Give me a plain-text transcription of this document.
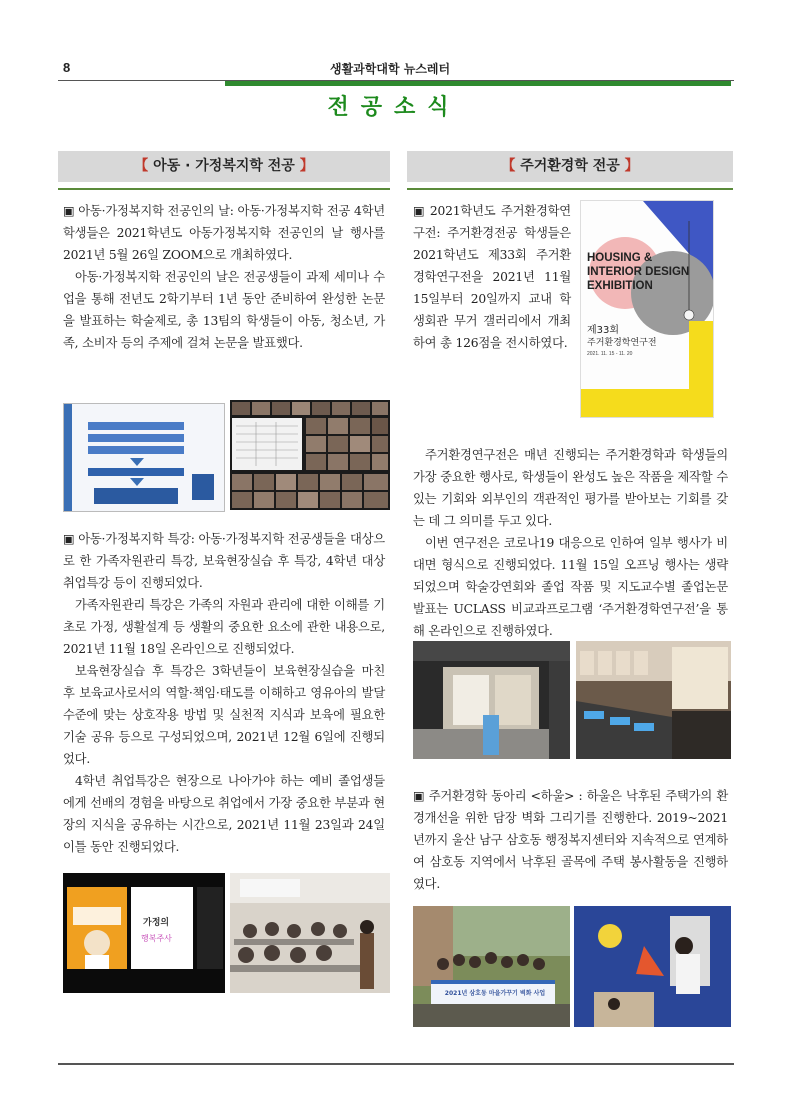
8	생활과학대학 뉴스레터
전공소식
【 아동 · 가정복지학 전공 】

▣ 아동·가정복지학 전공인의 날: 아동·가정복지학 전공 4학년 학생들은 2021학년도 아동가정복지학 전공인의 날 행사를 2021년 5월 26일 ZOOM으로 개최하였다.

아동·가정복지학 전공인의 날은 전공생들이 과제 세미나 수업을 통해 전년도 2학기부터 1년 동안 준비하여 완성한 논문을 발표하는 학술제로, 총 13팀의 학생들이 아동, 청소년, 가족, 소비자 등의 주제에 걸쳐 논문을 발표했다.

▣ 아동·가정복지학 특강: 아동·가정복지학 전공생들을 대상으로 한 가족자원관리 특강, 보육현장실습 후 특강, 4학년 대상 취업특강 등이 진행되었다.

가족자원관리 특강은 가족의 자원과 관리에 대한 이해를 기초로 가정, 생활설계 등 생활의 중요한 요소에 관한 내용으로, 2021년 11월 18일 온라인으로 진행되었다.

보육현장실습 후 특강은 3학년들이 보육현장실습을 마친 후 보육교사로서의 역할·책임·태도를 이해하고 영유아의 발달수준에 맞는 상호작용 방법 및 실천적 지식과 보육에 필요한 기술 공유 등으로 구성되었으며, 2021년 12월 6일에 진행되었다.

4학년 취업특강은 현장으로 나아가야 하는 예비 졸업생들에게 선배의 경험을 바탕으로 취업에서 가장 중요한 부분과 현장의 지식을 공유하는 시간으로, 2021년 11월 23일과 24일 이틀 동안 진행되었다.

가정의
행복주사
【 주거환경학 전공 】
HOUSING &
INTERIOR DESIGN
EXHIBITION
제33회
주거환경학연구전
2021. 11. 15 - 11. 20

▣ 2021학년도 주거환경학연구전: 주거환경전공 학생들은 2021학년도 제33회 주거환경학연구전을 2021년 11월 15일부터 20일까지 교내 학생회관 무거 갤러리에서 개최하여 총 126점을 전시하였다.

주거환경연구전은 매년 진행되는 주거환경학과 학생들의 가장 중요한 행사로, 학생들이 완성도 높은 작품을 제작할 수 있는 기회와 외부인의 객관적인 평가를 받아보는 기회를 갖는 데 그 의미를 두고 있다.

이번 연구전은 코로나19 대응으로 인하여 일부 행사가 비대면 형식으로 진행되었다. 11월 15일 오프닝 행사는 생략되었으며 학술강연회와 졸업 작품 및 지도교수별 졸업논문 발표는 UCLASS 비교과프로그램 ‘주거환경학연구전’을 통해 온라인으로 진행하였다.

▣ 주거환경학 동아리 <하울> : 하울은 낙후된 주택가의 환경개선을 위한 담장 벽화 그리기를 진행한다. 2019~2021년까지 울산 남구 삼호동 행정복지센터와 지속적으로 연계하여 삼호동 지역에서 낙후된 골목에 주택 봉사활동을 진행하였다.

2021년 삼호동 마을가꾸기 벽화 사업
